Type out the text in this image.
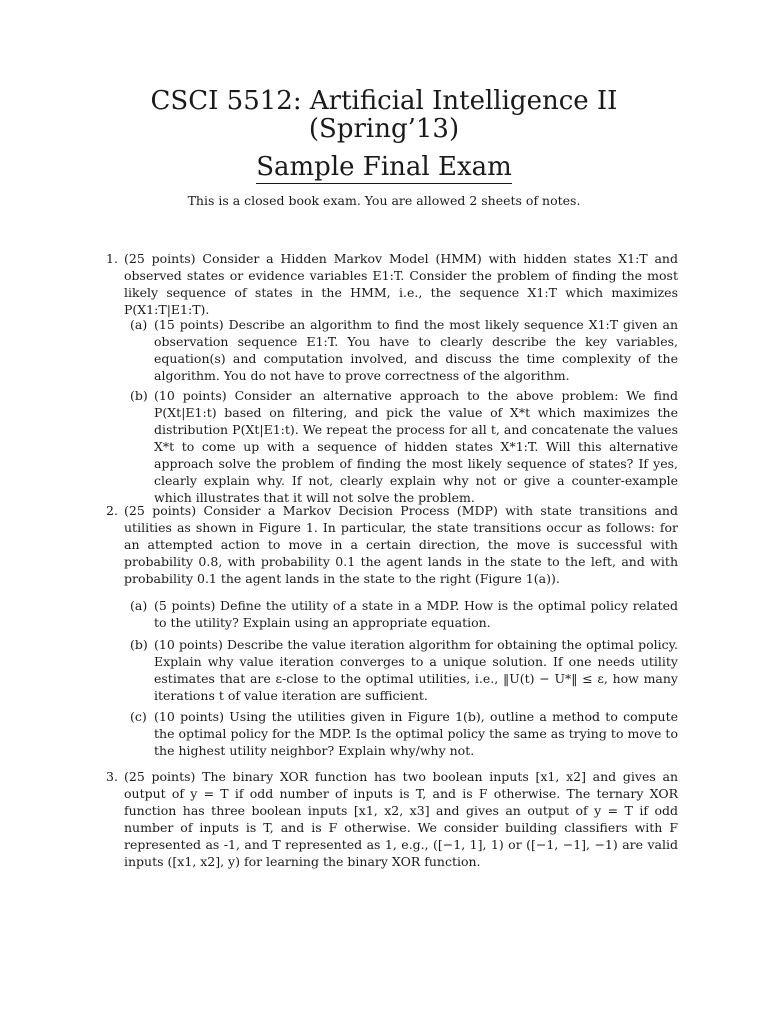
CSCI 5512: Artificial Intelligence II
(Spring’13)
Sample Final Exam
This is a closed book exam. You are allowed 2 sheets of notes.
1. (25 points) Consider a Hidden Markov Model (HMM) with hidden states X1:T and observed states or evidence variables E1:T. Consider the problem of finding the most likely sequence of states in the HMM, i.e., the sequence X1:T which maximizes P(X1:T|E1:T).
(a) (15 points) Describe an algorithm to find the most likely sequence X1:T given an observation sequence E1:T. You have to clearly describe the key variables, equation(s) and computation involved, and discuss the time complexity of the algorithm. You do not have to prove correctness of the algorithm.
(b) (10 points) Consider an alternative approach to the above problem: We find P(Xt|E1:t) based on filtering, and pick the value of X*t which maximizes the distribution P(Xt|E1:t). We repeat the process for all t, and concatenate the values X*t to come up with a sequence of hidden states X*1:T. Will this alternative approach solve the problem of finding the most likely sequence of states? If yes, clearly explain why. If not, clearly explain why not or give a counter-example which illustrates that it will not solve the problem.
2. (25 points) Consider a Markov Decision Process (MDP) with state transitions and utilities as shown in Figure 1. In particular, the state transitions occur as follows: for an attempted action to move in a certain direction, the move is successful with probability 0.8, with probability 0.1 the agent lands in the state to the left, and with probability 0.1 the agent lands in the state to the right (Figure 1(a)).
(a) (5 points) Define the utility of a state in a MDP. How is the optimal policy related to the utility? Explain using an appropriate equation.
(b) (10 points) Describe the value iteration algorithm for obtaining the optimal policy. Explain why value iteration converges to a unique solution. If one needs utility estimates that are ε-close to the optimal utilities, i.e., ‖U(t) − U*‖ ≤ ε, how many iterations t of value iteration are sufficient.
(c) (10 points) Using the utilities given in Figure 1(b), outline a method to compute the optimal policy for the MDP. Is the optimal policy the same as trying to move to the highest utility neighbor? Explain why/why not.
3. (25 points) The binary XOR function has two boolean inputs [x1, x2] and gives an output of y = T if odd number of inputs is T, and is F otherwise. The ternary XOR function has three boolean inputs [x1, x2, x3] and gives an output of y = T if odd number of inputs is T, and is F otherwise. We consider building classifiers with F represented as -1, and T represented as 1, e.g., ([−1, 1], 1) or ([−1, −1], −1) are valid inputs ([x1, x2], y) for learning the binary XOR function.
